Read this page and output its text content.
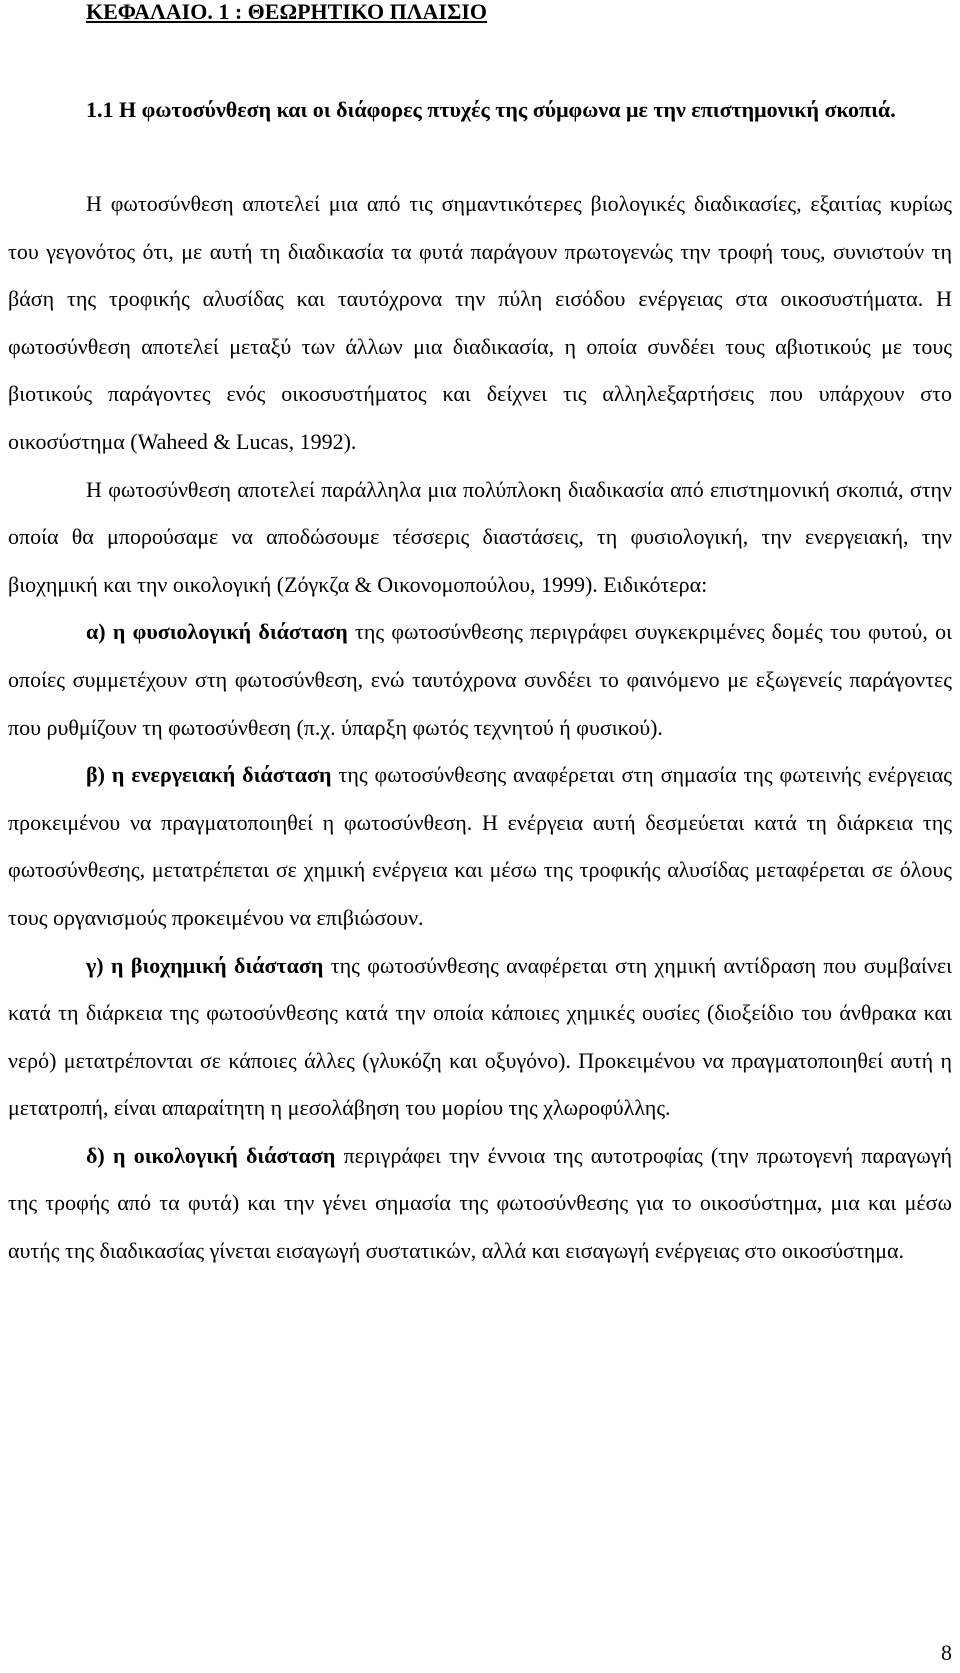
ΚΕΦΑΛΑΙΟ. 1 : ΘΕΩΡΗΤΙΚΟ ΠΛΑΙΣΙΟ
1.1 Η φωτοσύνθεση και οι διάφορες πτυχές της σύμφωνα με την επιστημονική σκοπιά.

Η φωτοσύνθεση αποτελεί μια από τις σημαντικότερες βιολογικές διαδικασίες, εξαιτίας κυρίως του γεγονότος ότι, με αυτή τη διαδικασία τα φυτά παράγουν πρωτογενώς την τροφή τους, συνιστούν τη βάση της τροφικής αλυσίδας και ταυτόχρονα την πύλη εισόδου ενέργειας στα οικοσυστήματα. Η φωτοσύνθεση αποτελεί μεταξύ των άλλων μια διαδικασία, η οποία συνδέει τους αβιοτικούς με τους βιοτικούς παράγοντες ενός οικοσυστήματος και δείχνει τις αλληλεξαρτήσεις που υπάρχουν στο οικοσύστημα (Waheed & Lucas, 1992).

Η φωτοσύνθεση αποτελεί παράλληλα μια πολύπλοκη διαδικασία από επιστημονική σκοπιά, στην οποία θα μπορούσαμε να αποδώσουμε τέσσερις διαστάσεις, τη φυσιολογική, την ενεργειακή, την βιοχημική και την οικολογική (Ζόγκζα & Οικονομοπούλου, 1999). Ειδικότερα:

α) η φυσιολογική διάσταση της φωτοσύνθεσης περιγράφει συγκεκριμένες δομές του φυτού, οι οποίες συμμετέχουν στη φωτοσύνθεση, ενώ ταυτόχρονα συνδέει το φαινόμενο με εξωγενείς παράγοντες που ρυθμίζουν τη φωτοσύνθεση (π.χ. ύπαρξη φωτός τεχνητού ή φυσικού).

β) η ενεργειακή διάσταση της φωτοσύνθεσης αναφέρεται στη σημασία της φωτεινής ενέργειας προκειμένου να πραγματοποιηθεί η φωτοσύνθεση. Η ενέργεια αυτή δεσμεύεται κατά τη διάρκεια της φωτοσύνθεσης, μετατρέπεται σε χημική ενέργεια και μέσω της τροφικής αλυσίδας μεταφέρεται σε όλους τους οργανισμούς προκειμένου να επιβιώσουν.

γ) η βιοχημική διάσταση της φωτοσύνθεσης αναφέρεται στη χημική αντίδραση που συμβαίνει κατά τη διάρκεια της φωτοσύνθεσης κατά την οποία κάποιες χημικές ουσίες (διοξείδιο του άνθρακα και νερό) μετατρέπονται σε κάποιες άλλες (γλυκόζη και οξυγόνο). Προκειμένου να πραγματοποιηθεί αυτή η μετατροπή, είναι απαραίτητη η μεσολάβηση του μορίου της χλωροφύλλης.

δ) η οικολογική διάσταση περιγράφει την έννοια της αυτοτροφίας (την πρωτογενή παραγωγή της τροφής από τα φυτά) και την γένει σημασία της φωτοσύνθεσης για το οικοσύστημα, μια και μέσω αυτής της διαδικασίας γίνεται εισαγωγή συστατικών, αλλά και εισαγωγή ενέργειας στο οικοσύστημα.

8
